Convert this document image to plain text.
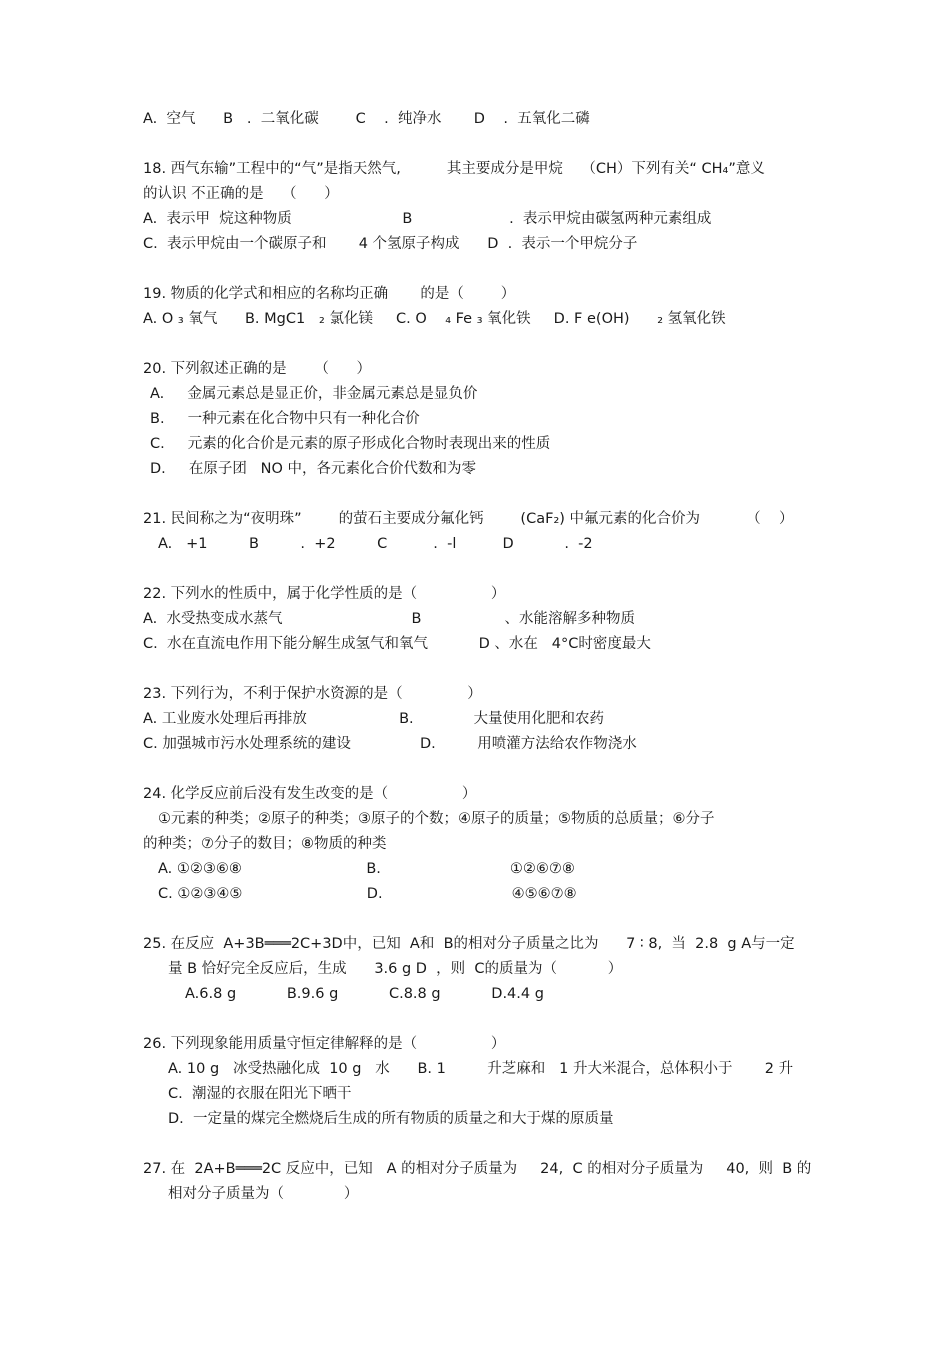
A.  空气      B   .  二氧化碳        C    .  纯净水       D    .  五氧化二磷
18. 西气东输”工程中的“气”是指天然气,          其主要成分是甲烷    （CH）下列有关“ CH₄”意义
的认识 不正确的是    （      ）
A.  表示甲  烷这种物质                        B                     .  表示甲烷由碳氢两种元素组成
C.  表示甲烷由一个碳原子和       4 个氢原子构成      D  .  表示一个甲烷分子
19. 物质的化学式和相应的名称均正确       的是（        ）
A. O ₃ 氧气      B. MgC1   ₂ 氯化镁     C. O    ₄ Fe ₃ 氧化铁     D. F e(OH)      ₂ 氢氧化铁
20. 下列叙述正确的是      （      ）
A.     金属元素总是显正价，非金属元素总是显负价
B.     一种元素在化合物中只有一种化合价
C.     元素的化合价是元素的原子形成化合物时表现出来的性质
D.     在原子团   NO 中，各元素化合价代数和为零
21. 民间称之为“夜明珠”        的萤石主要成分氟化钙        (CaF₂) 中氟元素的化合价为          （    ）
A.   +1         B         .  +2         C          .  -l          D           .  -2
22. 下列水的性质中，属于化学性质的是（                ）
A.  水受热变成水蒸气                            B                  、水能溶解多种物质
C.  水在直流电作用下能分解生成氢气和氧气           D 、水在   4°C时密度最大
23. 下列行为，不利于保护水资源的是（              ）
A. 工业废水处理后再排放                    B.             大量使用化肥和农药
C. 加强城市污水处理系统的建设               D.         用喷灌方法给农作物浇水
24. 化学反应前后没有发生改变的是（                ）
①元素的种类；②原子的种类；③原子的个数；④原子的质量；⑤物质的总质量；⑥分子
的种类；⑦分子的数目；⑧物质的种类
A. ①②③⑥⑧                           B.                            ①②⑥⑦⑧
C. ①②③④⑤                           D.                            ④⑤⑥⑦⑧
25. 在反应  A+3B═══2C+3D中，已知  A和  B的相对分子质量之比为      7 ∶ 8,  当  2.8  g A与一定
量 B 恰好完全反应后，生成      3.6 g D  ，则  C的质量为（           ）
A.6.8 g           B.9.6 g           C.8.8 g           D.4.4 g
26. 下列现象能用质量守恒定律解释的是（                ）
A. 10 g   冰受热融化成  10 g   水      B. 1         升芝麻和   1 升大米混合，总体积小于       2 升
C.  潮湿的衣服在阳光下晒干
D.  一定量的煤完全燃烧后生成的所有物质的质量之和大于煤的原质量
27. 在  2A+B═══2C 反应中，已知   A 的相对分子质量为     24,  C 的相对分子质量为     40,  则  B 的
相对分子质量为（             ）
